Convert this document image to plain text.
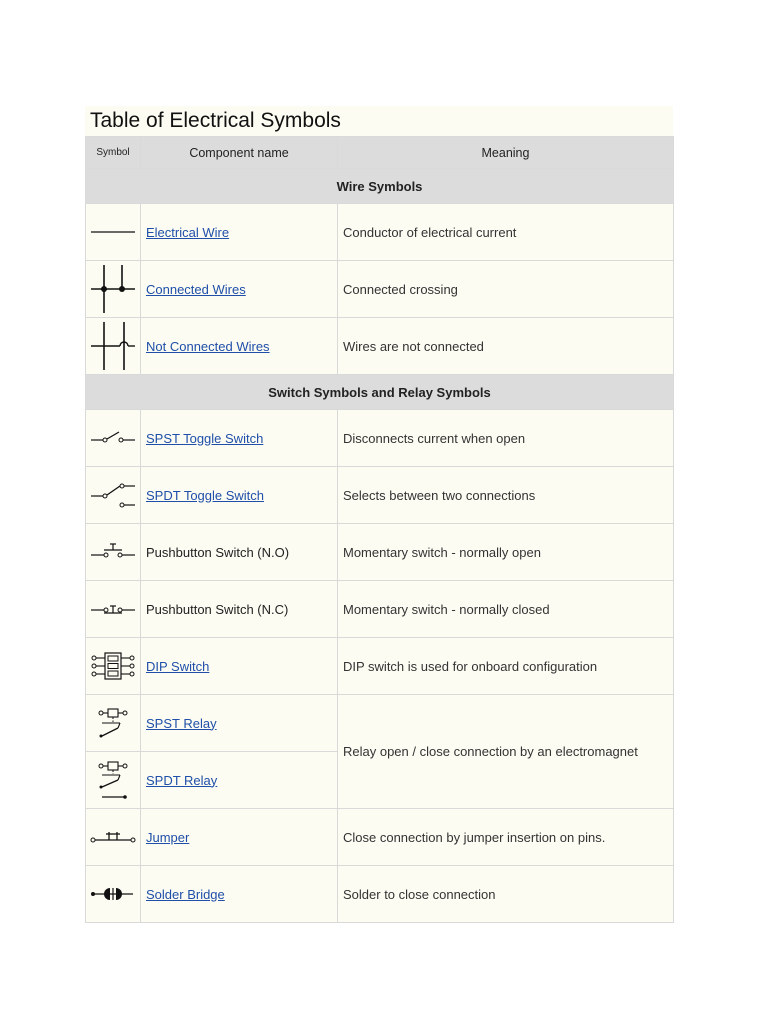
Table of Electrical Symbols
Symbol	Component name	Meaning
Wire Symbols		

	Electrical Wire	Conductor of electrical current

	Connected Wires	Connected crossing

	Not Connected Wires	Wires are not connected
Switch Symbols and Relay Symbols		

	SPST Toggle Switch	Disconnects current when open

	SPDT Toggle Switch	Selects between two connections

	Pushbutton Switch (N.O)	Momentary switch - normally open

	Pushbutton Switch (N.C)	Momentary switch - normally closed

	DIP Switch	DIP switch is used for onboard configuration

	SPST Relay	Relay open / close connection by an electromagnet

	SPDT Relay	

	Jumper	Close connection by jumper insertion on pins.

	Solder Bridge	Solder to close connection
